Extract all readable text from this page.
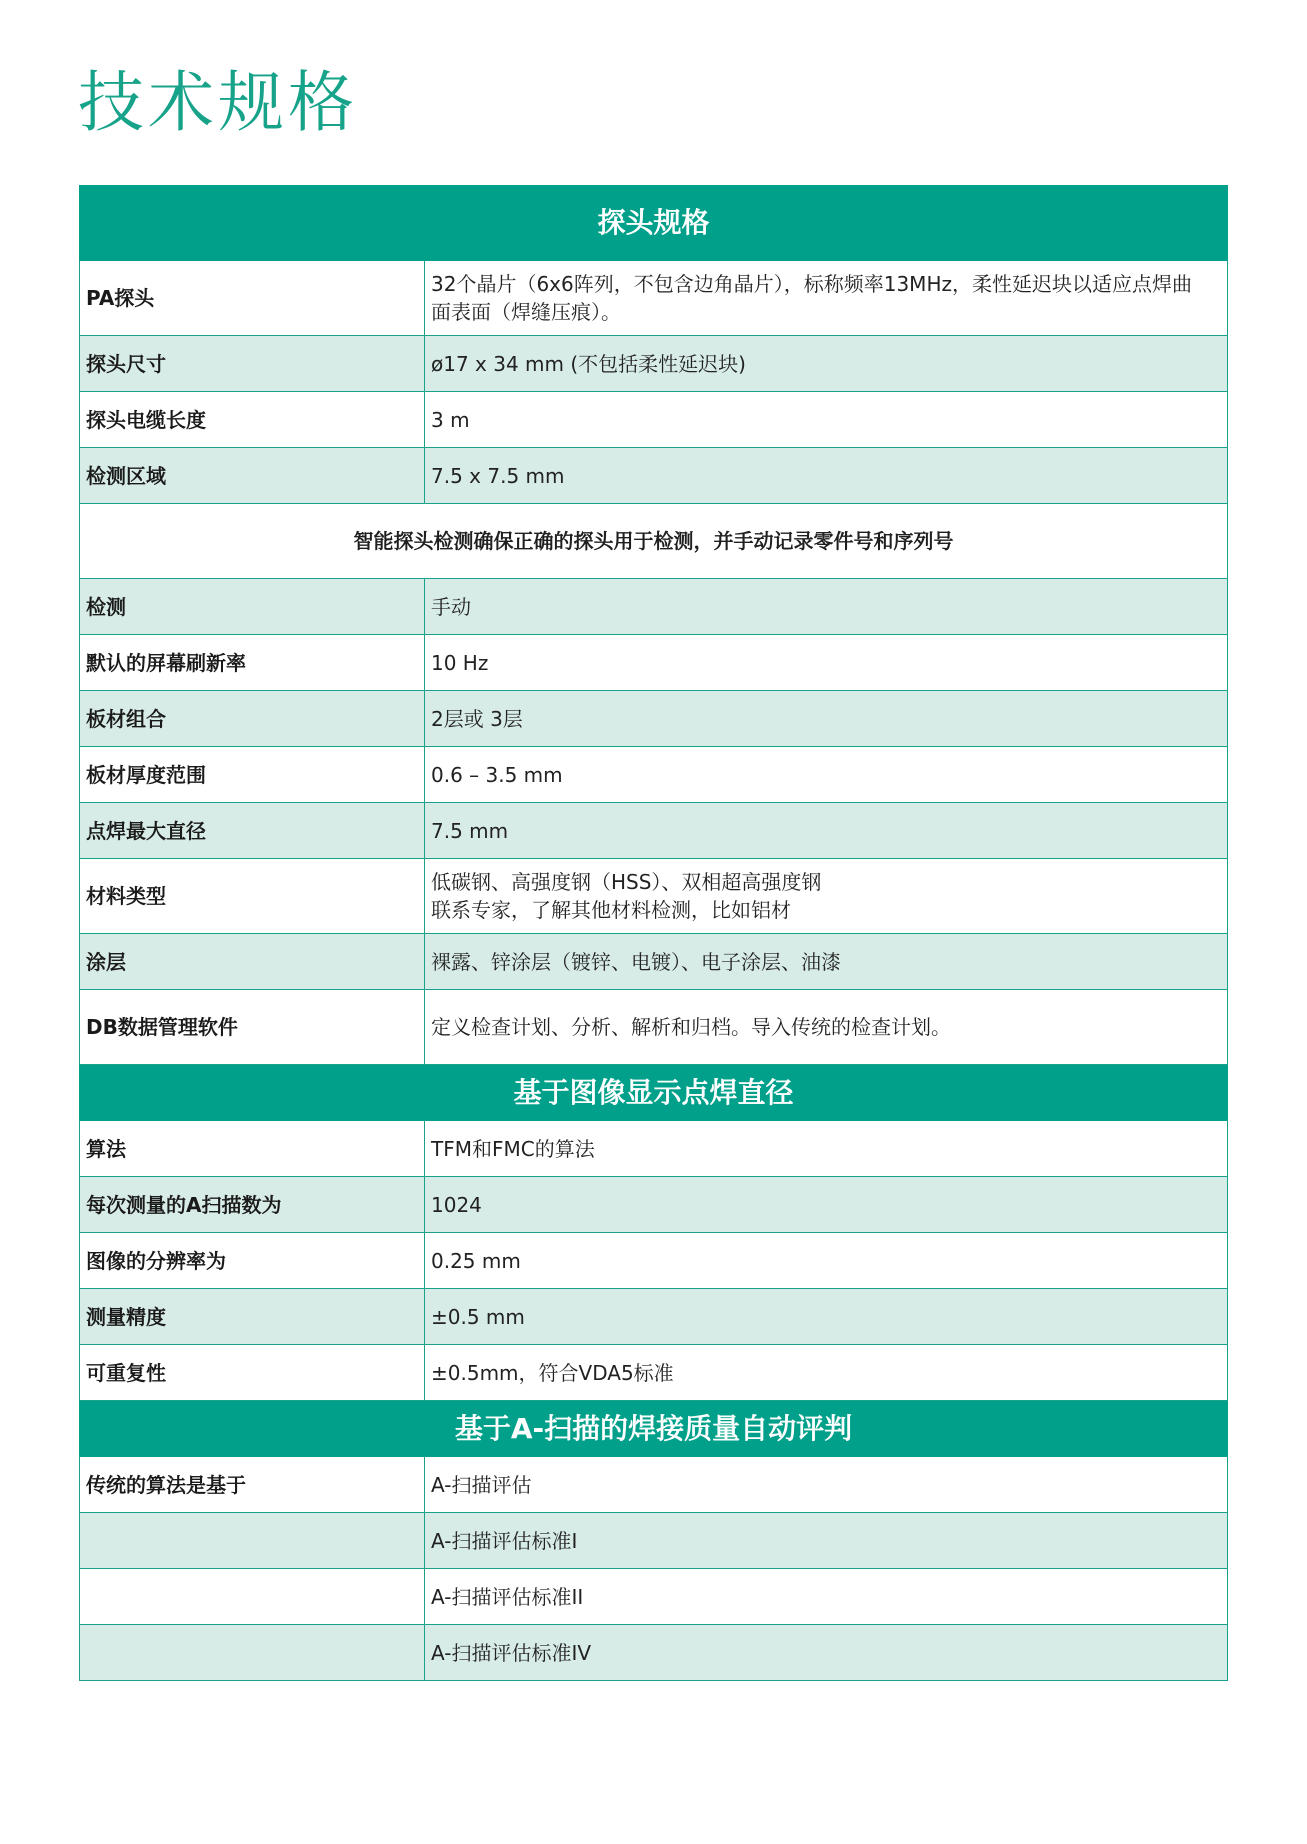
技术规格
探头规格	
PA探头	32个晶片（6x6阵列，不包含边角晶片），标称频率13MHz，柔性延迟块以适应点焊曲
面表面（焊缝压痕）。

探头尺寸	ø17 x 34 mm (不包括柔性延迟块)
探头电缆长度	3 m
检测区域	7.5 x 7.5 mm
智能探头检测确保正确的探头用于检测，并手动记录零件号和序列号	
检测	手动
默认的屏幕刷新率	10 Hz
板材组合	2层或 3层
板材厚度范围	0.6 – 3.5 mm
点焊最大直径	7.5 mm
材料类型	低碳钢、高强度钢（HSS）、双相超高强度钢
联系专家，了解其他材料检测，比如铝材

涂层	裸露、锌涂层（镀锌、电镀）、电子涂层、油漆
DB数据管理软件	定义检查计划、分析、解析和归档。导入传统的检查计划。
基于图像显示点焊直径	
算法	TFM和FMC的算法
每次测量的A扫描数为	1024
图像的分辨率为	0.25 mm
测量精度	±0.5 mm
可重复性	±0.5mm，符合VDA5标准
基于A-扫描的焊接质量自动评判	
传统的算法是基于	A-扫描评估
	A-扫描评估标准I
	A-扫描评估标准II
	A-扫描评估标准IV
